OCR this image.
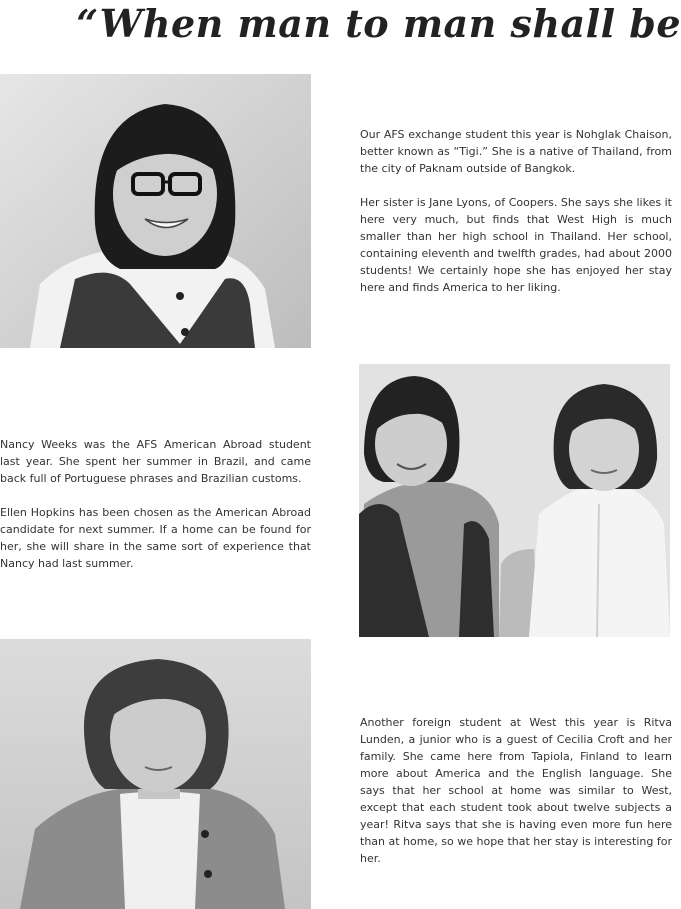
“When man to man shall be

Our AFS exchange student this year is Nohglak Chaison, better known as “Tigi.” She is a native of Thailand, from the city of Paknam outside of Bangkok.

Her sister is Jane Lyons, of Coopers. She says she likes it here very much, but finds that West High is much smaller than her high school in Thailand. Her school, containing eleventh and twelfth grades, had about 2000 students! We certainly hope she has enjoyed her stay here and finds America to her liking.

Nancy Weeks was the AFS American Abroad student last year. She spent her summer in Brazil, and came back full of Portuguese phrases and Brazilian customs.

Ellen Hopkins has been chosen as the American Abroad candidate for next summer. If a home can be found for her, she will share in the same sort of experience that Nancy had last summer.

Another foreign student at West this year is Ritva Lunden, a junior who is a guest of Cecilia Croft and her family. She came here from Tapiola, Finland to learn more about America and the English language. She says that her school at home was similar to West, except that each student took about twelve subjects a year! Ritva says that she is having even more fun here than at home, so we hope that her stay is interesting for her.
